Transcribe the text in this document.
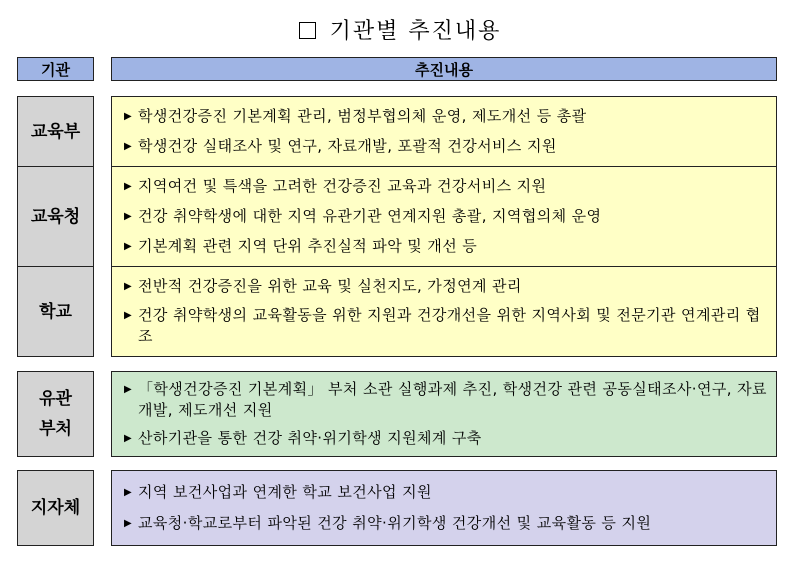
기관별 추진내용
기관	추진내용
교육부
▶ 학생건강증진 기본계획 관리, 범정부협의체 운영, 제도개선 등 총괄
▶ 학생건강 실태조사 및 연구, 자료개발, 포괄적 건강서비스 지원
교육청
▶ 지역여건 및 특색을 고려한 건강증진 교육과 건강서비스 지원
▶ 건강 취약학생에 대한 지역 유관기관 연계지원 총괄, 지역협의체 운영
▶ 기본계획 관련 지역 단위 추진실적 파악 및 개선 등
학교
▶ 전반적 건강증진을 위한 교육 및 실천지도, 가정연계 관리
▶ 건강 취약학생의 교육활동을 위한 지원과 건강개선을 위한 지역사회 및 전문기관 연계관리 협조
유관
부처
▶ 「학생건강증진 기본계획」 부처 소관 실행과제 추진, 학생건강 관련 공동실태조사·연구, 자료개발, 제도개선 지원
▶ 산하기관을 통한 건강 취약·위기학생 지원체계 구축
지자체
▶ 지역 보건사업과 연계한 학교 보건사업 지원
▶ 교육청·학교로부터 파악된 건강 취약·위기학생 건강개선 및 교육활동 등 지원
